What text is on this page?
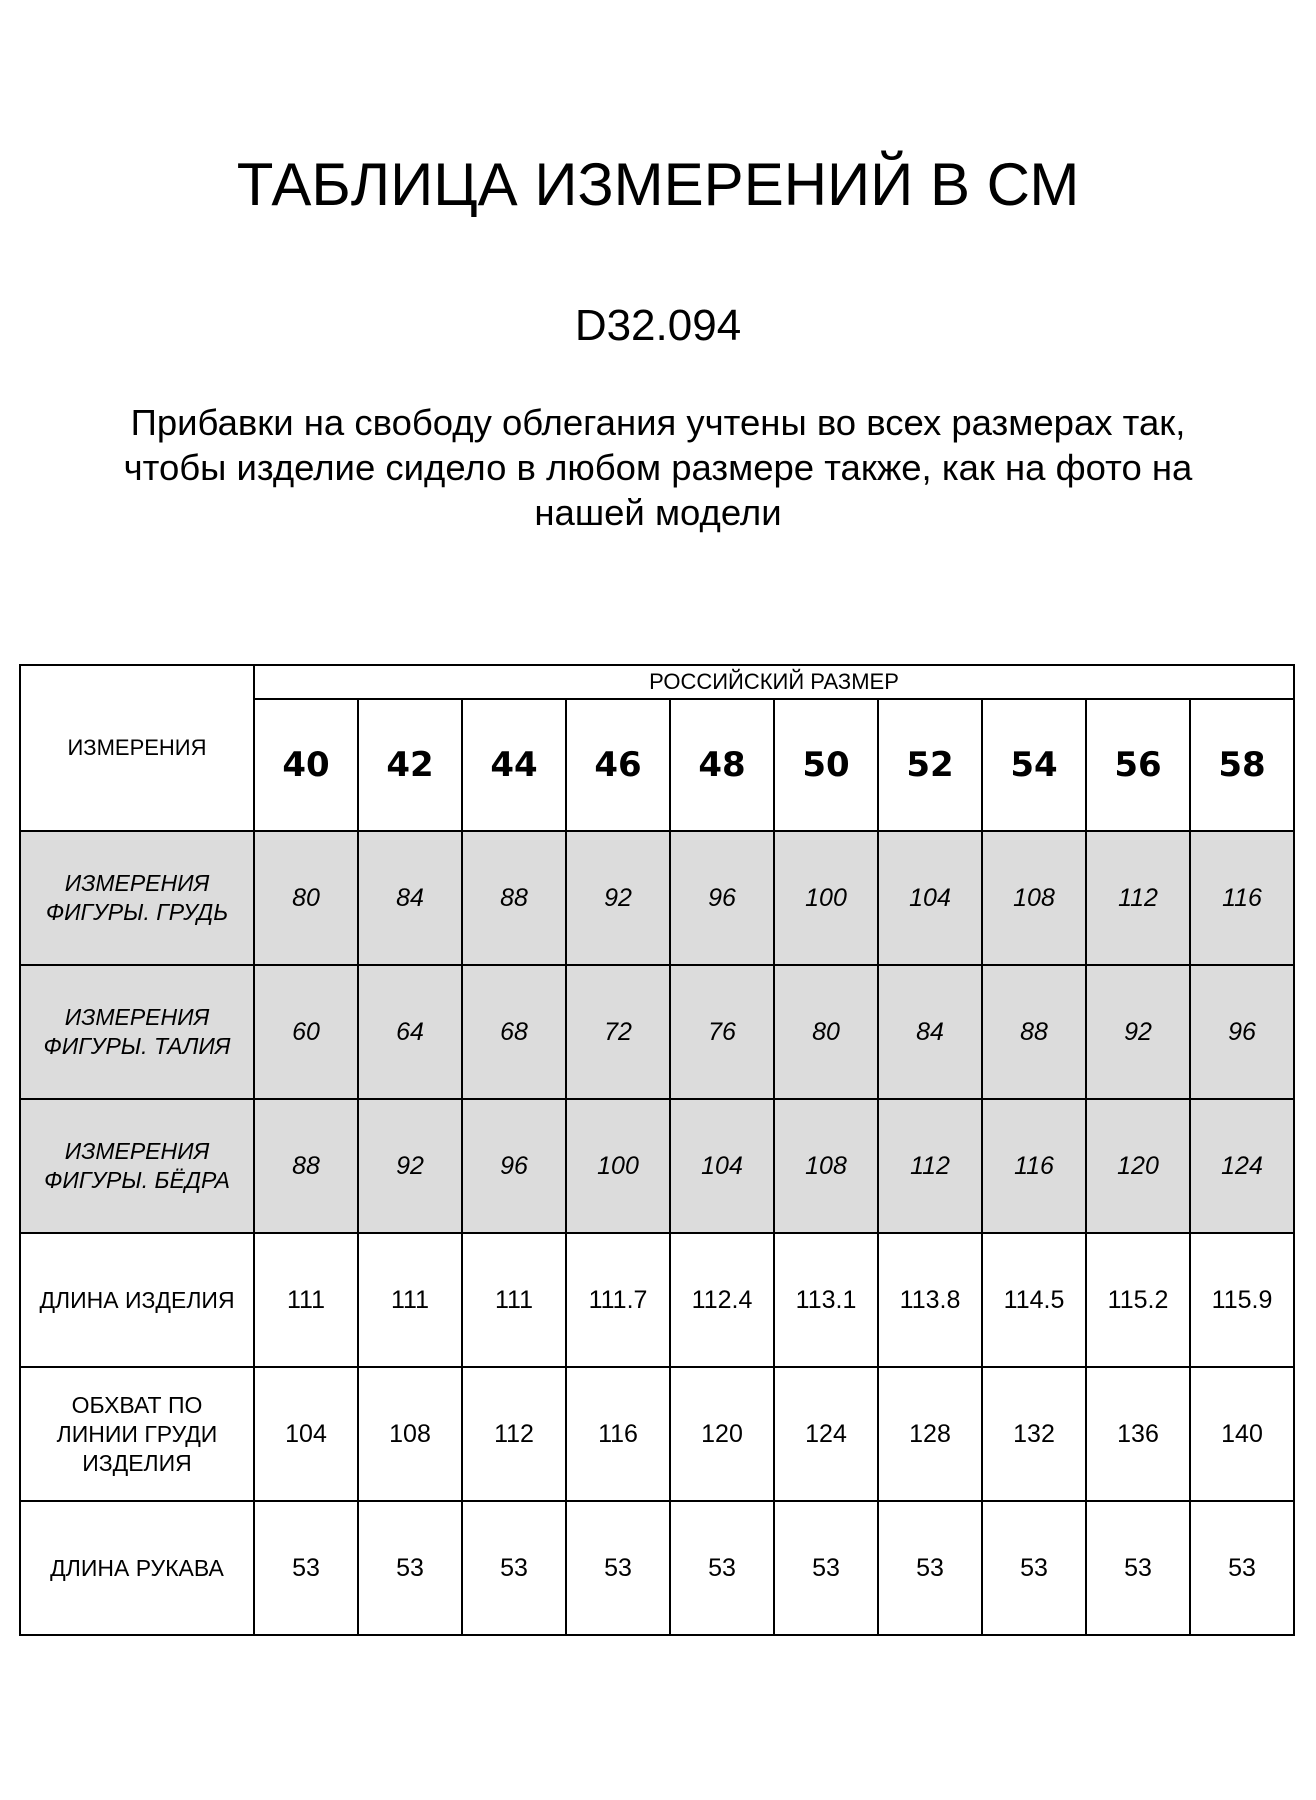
ТАБЛИЦА ИЗМЕРЕНИЙ В СМ
D32.094
Прибавки на свободу облегания учтены во всех размерах так,
чтобы изделие сидело в любом размере также, как на фото на
нашей модели
ИЗМЕРЕНИЯ	РОССИЙСКИЙ РАЗМЕР									
	40	42	44	46	48	50	52	54	56	58

ИЗМЕРЕНИЯ
ФИГУРЫ. ГРУДЬ	80	84	88	92	96	100	104	108	112	116

ИЗМЕРЕНИЯ
ФИГУРЫ. ТАЛИЯ	60	64	68	72	76	80	84	88	92	96

ИЗМЕРЕНИЯ
ФИГУРЫ. БЁДРА	88	92	96	100	104	108	112	116	120	124

ДЛИНА ИЗДЕЛИЯ	111	111	111	111.7	112.4	113.1	113.8	114.5	115.2	115.9

ОБХВАТ ПО
ЛИНИИ ГРУДИ
ИЗДЕЛИЯ	104	108	112	116	120	124	128	132	136	140

ДЛИНА РУКАВА	53	53	53	53	53	53	53	53	53	53
